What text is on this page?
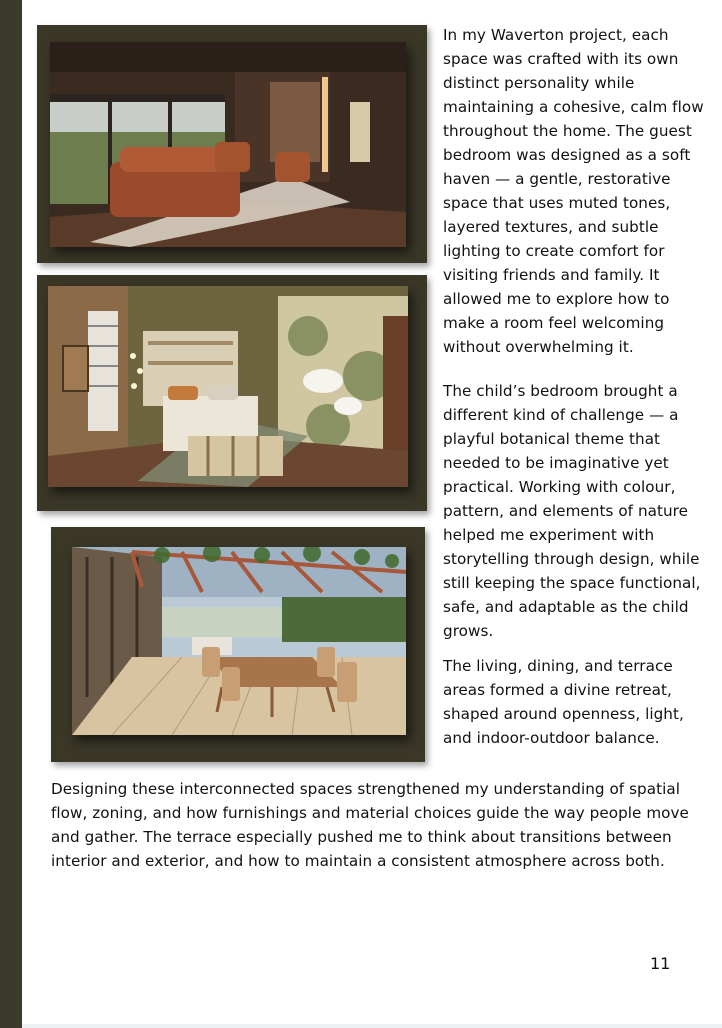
In my Waverton project, each space was crafted with its own distinct personality while maintaining a cohesive, calm flow throughout the home. The guest bedroom was designed as a soft haven — a gentle, restorative space that uses muted tones, layered textures, and subtle lighting to create comfort for visiting friends and family. It allowed me to explore how to make a room feel welcoming without overwhelming it.

The child’s bedroom brought a different kind of challenge — a playful botanical theme that needed to be imaginative yet practical. Working with colour, pattern, and elements of nature helped me experiment with storytelling through design, while still keeping the space functional, safe, and adaptable as the child grows.

The living, dining, and terrace areas formed a divine retreat, shaped around openness, light, and indoor-outdoor balance.

Designing these interconnected spaces strengthened my understanding of spatial flow, zoning, and how furnishings and material choices guide the way people move and gather. The terrace especially pushed me to think about transitions between interior and exterior, and how to maintain a consistent atmosphere across both.

11
